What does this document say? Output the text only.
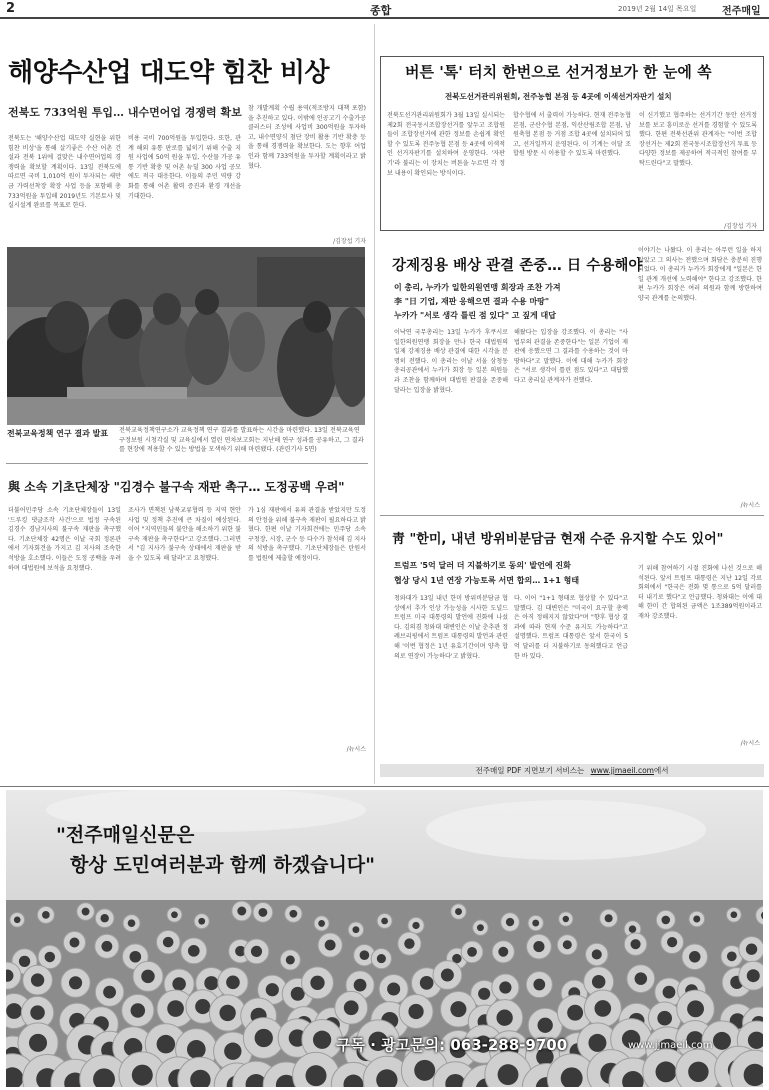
2	종합	2019년 2월 14일 목요일	전주매일
해양수산업 대도약 힘찬 비상
전북도 733억원 투입… 내수면어업 경쟁력 확보
전북도는 '해양수산업 대도약 실현을 위한 힘찬 비상'을 통해 살기좋은 수산 어촌 건설과 전북 1위에 걸맞은 내수면어업의 경쟁력을 확보할 계획이다. 13일 전북도에 따르면 국비 1,010억 원이 투자되는 새만금 가력선착장 확장 사업 등을 포함해 총 733억원을 투입해 2019년도 기본토사 및 실시설계 완료를 목표로 한다.
비용 국비 700억원을 투입한다. 또한, 관계 해외 유통 판로를 넓히기 위해 수출 지원 사업에 50억 원을 투입, 수산물 가공 유통 기반 확충 및 어촌 뉴딜 300 사업 공모에도 적극 대응한다. 이들의 주민 역량 강화를 통해 어촌 활력 증진과 환경 개선을 기대한다.
참 개발계획 수립 용역(적조방지 대책 포함)을 추진하고 있다. 이밖에 인공고기 수출가공 클러스터 조성에 사업비 300억원을 투자하고, 내수면양식 첨단 장비 활용 기반 확충 등을 통해 경쟁력을 확보한다. 도는 향후 어업인과 함께 733억원을 투자할 계획이라고 밝혔다.
/김장섭 기자
버튼 '톡' 터치 한번으로 선거정보가 한 눈에 쏙
전북도선거관리위원회, 전주농협 본점 등 4곳에 이색선거자판기 설치
전북도선거관리위원회가 3월 13일 실시되는 제2회 전국동시조합장선거를 앞두고 조합원들이 조합장선거에 관한 정보를 손쉽게 확인할 수 있도록 전주농협 본점 등 4곳에 이색적인 선거자판기를 설치하여 운영한다. '자판기'라 불리는 이 장치는 버튼을 누르면 각 정보 내용이 확인되는 방식이다.
합수협에 서 출력이 가능하다. 현재 전주농협 본점, 군산수협 본점, 익산산림조합 본점, 남원축협 본점 등 거점 조합 4곳에 설치되어 있고, 선거일까지 운영된다. 이 기계는 이달 조합원 방문 시 이용할 수 있도록 마련했다.
이 신기했고 협주하는 선거기간 동안 선거정보를 보고 흥미로운 선거를 경험할 수 있도록 했다. 한편 전북선관위 관계자는 "이번 조합장선거는 제2회 전국동시조합장선거 투표 등 다양한 정보를 제공하여 적극적인 참여를 부탁드린다"고 말했다.
/김장섭 기자
전북교육정책 연구 결과 발표 전북교육정책연구소가 교육정책 연구 결과를 발표하는 시간을 마련했다. 13일 전북교육연구정보원 시청각실 및 교육실에서 열린 연차보고회는 지난해 연구 성과를 공유하고, 그 결과를 현장에 적용할 수 있는 방법을 모색하기 위해 마련됐다. (관련기사 5면)
강제징용 배상 관결 존중… 日 수용해야
이 총리, 누카가 일한의원연맹 회장과 조찬 가져
李 "日 기업, 재판 응해으면 결과 수용 마땅"
누카가 "서로 생각 틀린 점 있다" 고 짚게 대답
이낙연 국무총리는 13일 누카가 후쿠시로 일한의원연맹 회장을 만나 한국 대법원의 일제 강제징용 배상 관결에 대한 시각을 분명히 전했다. 이 총리는 이날 서울 삼청동 총리공관에서 누카가 회장 등 일본 의원들과 조찬을 함께하며 대법원 판결을 존중해 달라는 입장을 밝혔다.
해왔다는 입장을 강조했다. 이 총리는 "사법부의 관결을 존중한다"는 일본 기업이 재판에 응했으면 그 결과를 수용하는 것이 마땅하다"고 말했다. 이에 대해 누카가 회장은 "서로 생각이 틀린 점도 있다"고 대답했다고 총리실 관계자가 전했다.
이야기는 나왔다. 이 총리는 아무런 일을 하지 않았고 그 의사는 전했으며 회담은 충분히 진행되었다. 이 총리가 누카가 회장에게 "일본은 한일 관계 개선에 노력해야" 한다고 강조했다. 한편 누카가 회장은 여러 의원과 함께 방한하여 양국 관계를 논의했다.
/뉴시스
與 소속 기초단체장 "김경수 불구속 재판 촉구… 도정공백 우려"
더불어민주당 소속 기초단체장들이 13일 '드루킹 댓글조작 사건'으로 법정 구속된 김경수 경남지사의 불구속 재판을 촉구했다. 기초단체장 42명은 이날 국회 정론관에서 기자회견을 가지고 김 지사의 조속한 석방을 호소했다. 이들은 도정 공백을 우려하며 대법원에 보석을 요청했다.
조사가 면책된 남북교류협력 등 지역 현안 사업 및 정책 추진에 큰 차질이 예상된다. 이어 "지역민들의 불안을 해소하기 위한 불구속 재판을 촉구한다"고 강조했다. 그러면서 "김 지사가 불구속 상태에서 재판을 받을 수 있도록 해 달라"고 요청했다.
가 1심 재판에서 유죄 관결을 받았지만 도정의 안정을 위해 불구속 재판이 필요하다고 밝혔다. 한편 이날 기자회견에는 민주당 소속 구청장, 시장, 군수 등 다수가 참석해 김 지사의 석방을 촉구했다. 기초단체장들은 탄원서를 법원에 제출할 예정이다.
/뉴시스
靑 "한미, 내년 방위비분담금 현재 수준 유지할 수도 있어"
트럼프 '5억 달러 더 지불하기로 동의' 발언에 진화
협상 당시 1년 연장 가능토록 서면 합의… 1+1 형태
청와대가 13일 내년 한미 방위비분담금 협상에서 추가 인상 가능성을 시사한 도널드 트럼프 미국 대통령의 발언에 진화에 나섰다. 김의겸 청와대 대변인은 이날 춘추관 정례브리핑에서 트럼프 대통령의 발언과 관련해 '이번 협정은 1년 유효기간이며 양측 합의로 연장이 가능하다'고 밝혔다.
다. 이어 "1+1 형태로 협상할 수 있다"고 말했다. 김 대변인은 "미국이 요구할 총액은 아직 정해지지 않았다"며 "향후 협상 결과에 따라 현재 수준 유지도 가능하다"고 설명했다. 트럼프 대통령은 앞서 한국이 5억 달러를 더 지불하기로 동의했다고 언급한 바 있다.
기 위해 참여하기 시절 진화에 나선 것으로 해석된다. 앞서 트럼프 대통령은 지난 12일 각료회의에서 "한국은 전화 몇 통으로 5억 달러를 더 내기로 했다"고 언급했다. 청와대는 이에 대해 한미 간 합의된 금액은 1조389억원이라고 재차 강조했다.
/뉴시스
전주매일 PDF 지면보기 서비스는 www.jjmaeil.com에서
"전주매일신문은
항상 도민여러분과 함께 하겠습니다"
구독 · 광고문의: 063-288-9700	www.jjmaeil.com
